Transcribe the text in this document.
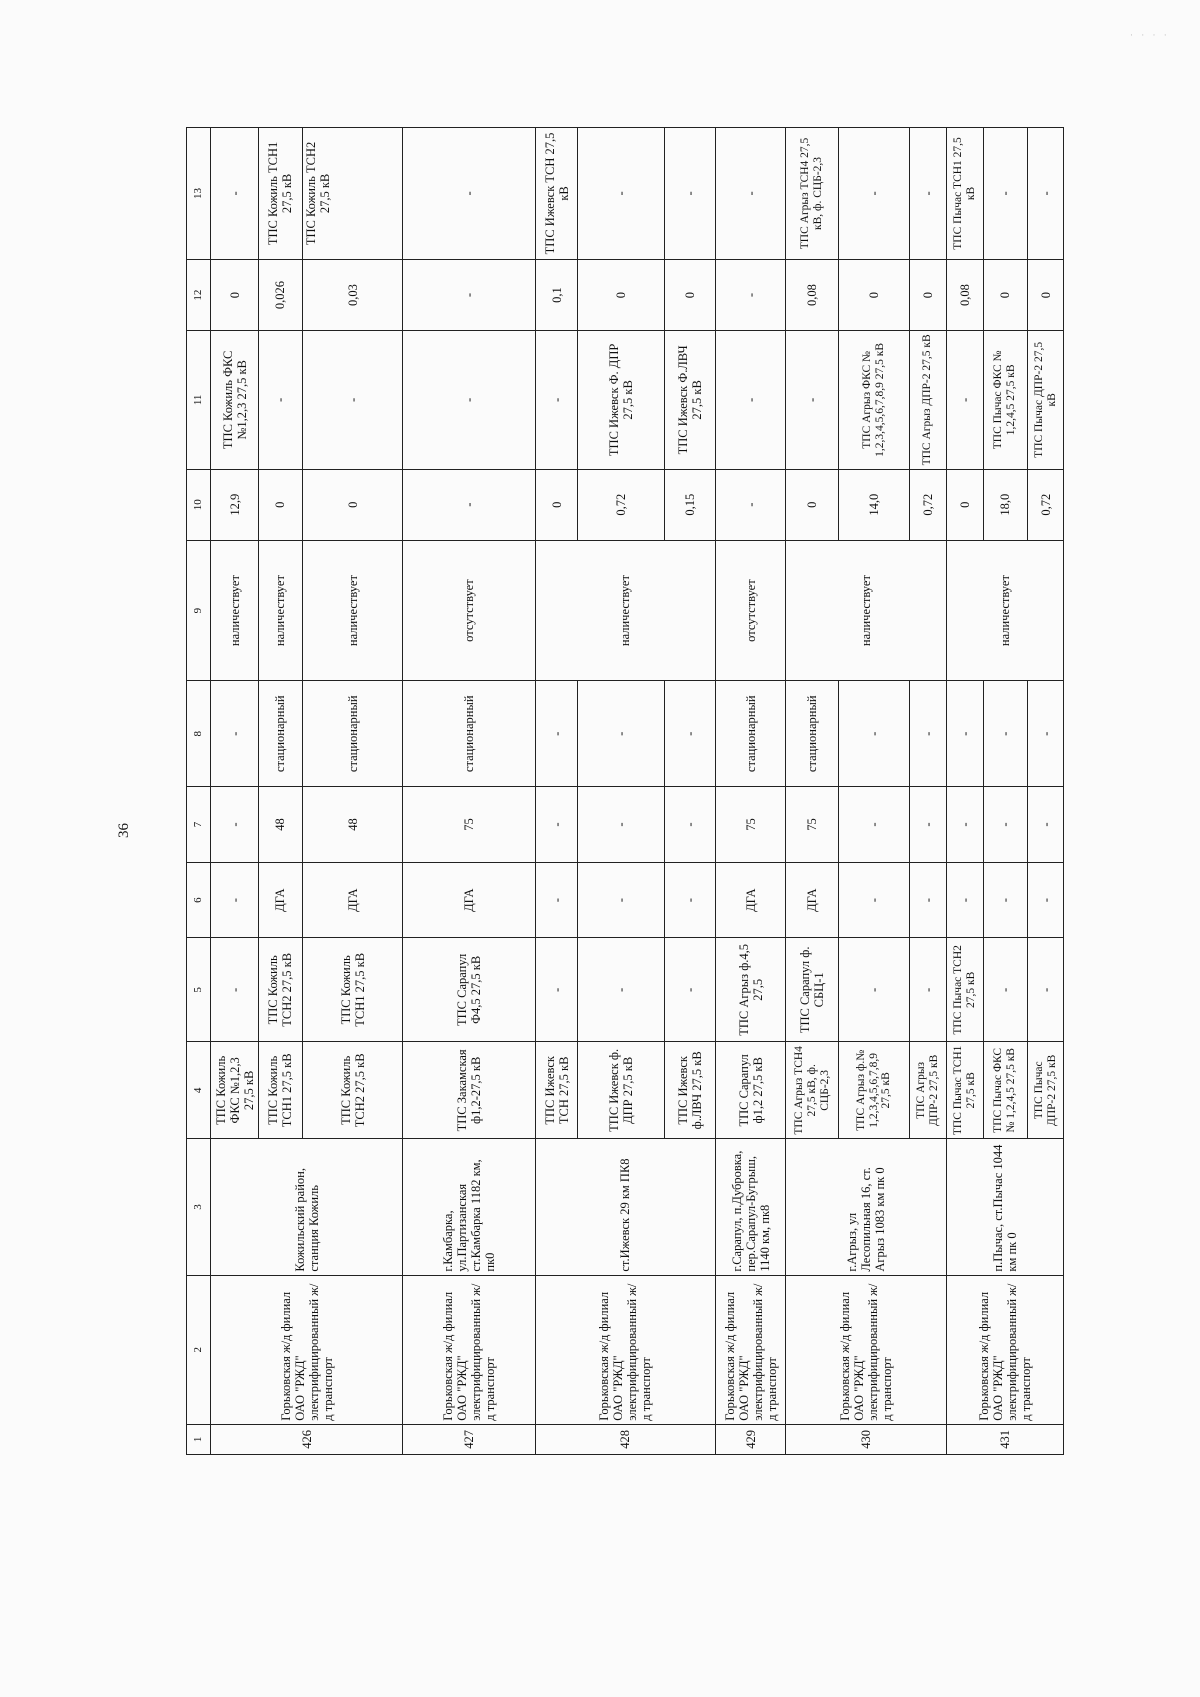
36
· · · ·
1	2	3	4	5	6	7	8	9	10	11	12	13
426	Горьковская ж/д филиал ОАО "РЖД" электрифицированный ж/д транспорт	Кожильский район, станция Кожиль	ТПС Кожиль ФКС №1,2,3 27,5 кВ	-	-	-	-	наличествует	12,9	ТПС Кожиль ФКС №1,2,3 27,5 кВ	0	-
			ТПС Кожиль ТСН1 27,5 кВ	ТПС Кожиль ТСН2 27,5 кВ	ДГА	48	стационарный	наличествует	0	-	0,026	ТПС Кожиль ТСН1 27,5 кВ
			ТПС Кожиль ТСН2 27,5 кВ	ТПС Кожиль ТСН1 27,5 кВ	ДГА	48	стационарный	наличествует	0	-	0,03	ТПС Кожиль ТСН2 27,5 кВ
427	Горьковская ж/д филиал ОАО "РЖД" электрифицированный ж/д транспорт	г.Камбарка, ул.Партизанская ст.Камбарка 1182 км, пк0	ТПС Закамская ф1,2-27,5 кВ	ТПС Сарапул Ф4,5 27,5 кВ	ДГА	75	стационарный	отсутствует	-	-	-	-
428	Горьковская ж/д филиал ОАО "РЖД" электрифицированный ж/д транспорт	ст.Ижевск 29 км ПК8	ТПС Ижевск ТСН 27,5 кВ	-	-	-	-	наличествует	0	-	0,1	ТПС Ижевск ТСН 27,5 кВ
			ТПС Ижевск ф. ДПР 27,5 кВ	-	-	-	-		0,72	ТПС Ижевск Ф. ДПР 27,5 кВ	0	-
			ТПС Ижевск ф.ЛВЧ 27,5 кВ	-	-	-	-		0,15	ТПС Ижевск Ф.ЛВЧ 27,5 кВ	0	-
429	Горьковская ж/д филиал ОАО "РЖД" электрифицированный ж/д транспорт	г.Сарапул, п.Дубровка, пер.Сарапул-Бугрыш, 1140 км, пк8	ТПС Сарапул ф1,2 27,5 кВ	ТПС Агрыз ф.4,5 27,5	ДГА	75	стационарный	отсутствует	-	-	-	-
430	Горьковская ж/д филиал ОАО "РЖД" электрифицированный ж/д транспорт	г.Агрыз, ул Лесопильная 16, ст. Агрыз 1083 км пк 0	ТПС Агрыз ТСН4 27,5 кВ, ф. СЦБ-2,3	ТПС Сарапул ф. СБЦ-1	ДГА	75	стационарный	наличествует	0	-	0,08	ТПС Агрыз ТСН4 27,5 кВ, ф. СЦБ-2,3
			ТПС Агрыз ф.№ 1,2,3,4,5,6,7,8,9 27,5 кВ	-	-	-	-		14,0	ТПС Агрыз ФКС № 1,2,3,4,5,6,7,8,9 27,5 кВ	0	-
			ТПС Агрыз ДПР-2 27,5 кВ	-	-	-	-		0,72	ТПС Агрыз ДПР-2 27,5 кВ	0	-
431	Горьковская ж/д филиал ОАО "РЖД" электрифицированный ж/д транспорт	п.Пычас, ст.Пычас 1044 км пк 0	ТПС Пычас ТСН1 27,5 кВ	ТПС Пычас ТСН2 27,5 кВ	-	-	-	наличествует	0	-	0,08	ТПС Пычас ТСН1 27,5 кВ
			ТПС Пычас ФКС № 1,2,4,5 27,5 кВ	-	-	-	-		18,0	ТПС Пычас ФКС № 1,2,4,5 27,5 кВ	0	-
			ТПС Пычас ДПР-2 27,5 кВ	-	-	-	-		0,72	ТПС Пычас ДПР-2 27,5 кВ	0	-
